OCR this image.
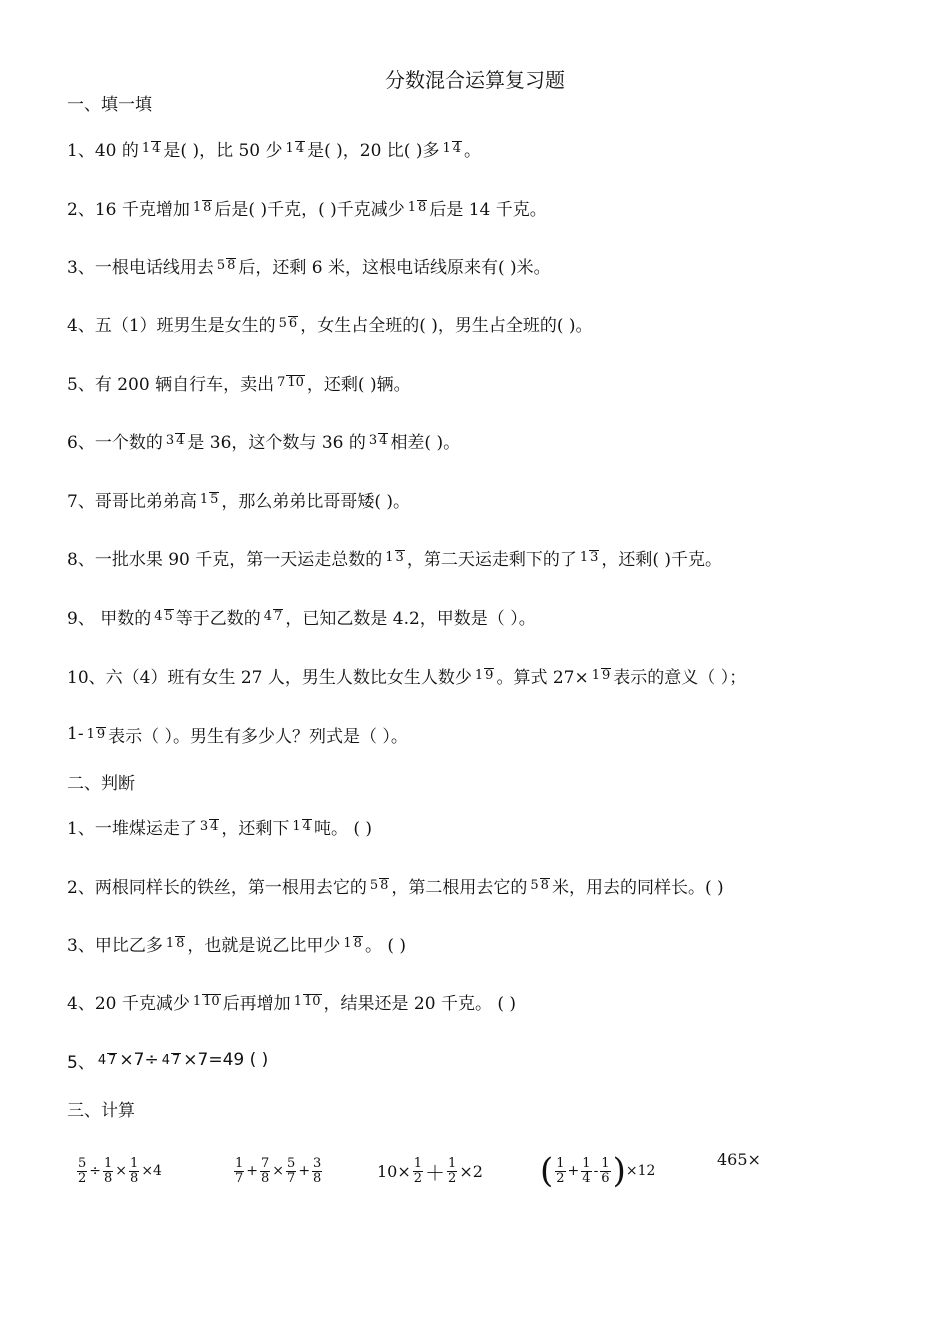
分数混合运算复习题
一、填一填
1、40 的 1 4 是( )，比 50 少 1 4 是( )，20 比( )多 1 4 。
2、16 千克增加 1 8 后是( )千克，( )千克减少 1 8 后是 14 千克。
3、一根电话线用去 5 8 后，还剩 6 米，这根电话线原来有( )米。
4、五（1）班男生是女生的 5 6 ，女生占全班的( )，男生占全班的( )。
5、有 200 辆自行车，卖出 7 10 ，还剩( )辆。
6、一个数的 3 4 是 36，这个数与 36 的 3 4 相差( )。
7、哥哥比弟弟高 1 5 ，那么弟弟比哥哥矮( )。
8、一批水果 90 千克，第一天运走总数的 1 3 ，第二天运走剩下的了 1 3 ，还剩( )千克。
9、 甲数的 4 5 等于乙数的 4 7 ，已知乙数是 4.2，甲数是（ ）。
10、六（4）班有女生 27 人，男生人数比女生人数少 1 9 。算式 27× 1 9 表示的意义（ ）；
1- 1 9 表示（ ）。男生有多少人？列式是（ ）。
二、判断
1、一堆煤运走了 3 4 ，还剩下 1 4 吨。 ( )
2、两根同样长的铁丝，第一根用去它的 5 8 ，第二根用去它的 5 8 米，用去的同样长。( )
3、甲比乙多 1 8 ，也就是说乙比甲少 1 8 。 ( )
4、20 千克减少 1 10 后再增加 1 10 ，结果还是 20 千克。 ( )
5、 4 7 ×7÷ 4 7 ×7=49 ( )
三、计算
$\frac{5}{2} \div \frac{1}{8} \times \frac{1}{8} \times 4$	1
$7 + \frac{7}{8} \times \frac{5}{7} + \frac{3}{8}$	$10\times \frac{1}{2} + \frac{1}{2} \times 2$ ( 1
$2 + \frac{1}{4} - 1$
6 ) ×12
465×
